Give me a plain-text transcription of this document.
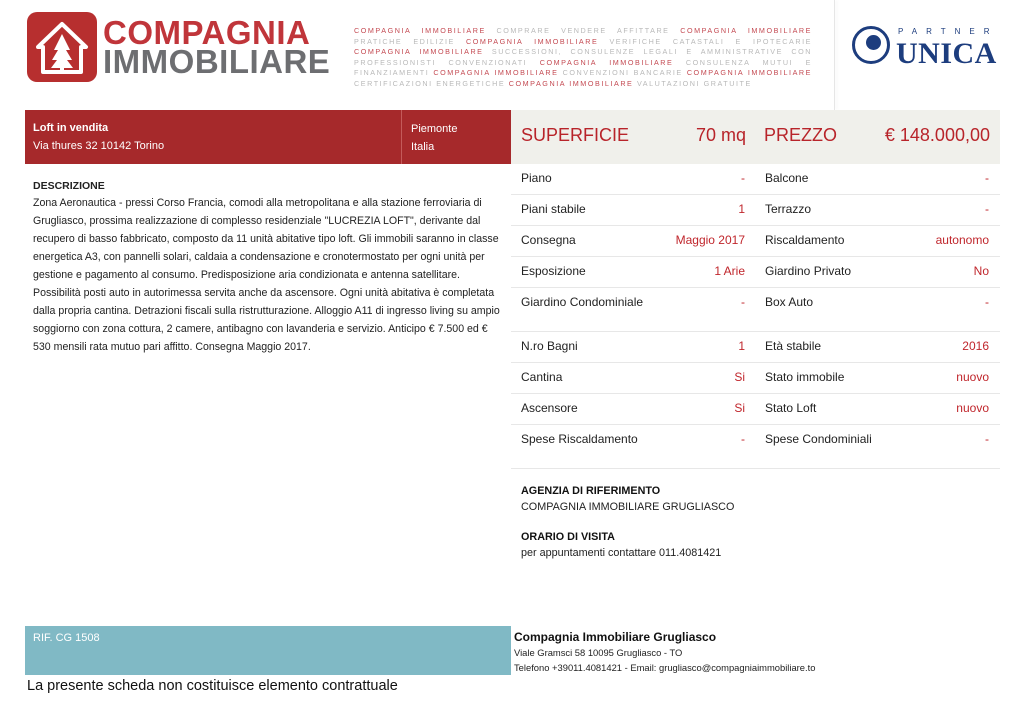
COMPAGNIA
IMMOBILIARE
COMPAGNIA IMMOBILIARE COMPRARE VENDERE AFFITTARE COMPAGNIA IMMOBILIARE PRATICHE EDILIZIE COMPAGNIA IMMOBILIARE VERIFICHE CATASTALI E IPOTECARIE COMPAGNIA IMMOBILIARE SUCCESSIONI, CONSULENZE LEGALI E AMMINISTRATIVE CON PROFESSIONISTI CONVENZIONATI COMPAGNIA IMMOBILIARE CONSULENZA MUTUI E FINANZIAMENTI COMPAGNIA IMMOBILIARE CONVENZIONI BANCARIE COMPAGNIA IMMOBILIARE CERTIFICAZIONI ENERGETICHE COMPAGNIA IMMOBILIARE VALUTAZIONI GRATUITE
PARTNER
UNICA
Loft in vendita
Via thures 32 10142 Torino
Piemonte
Italia
SUPERFICIE	70 mq PREZZO	€ 148.000,00
DESCRIZIONE

Zona Aeronautica - pressi Corso Francia, comodi alla metropolitana e alla stazione ferroviaria di Grugliasco, prossima realizzazione di complesso residenziale "LUCREZIA LOFT", derivante dal recupero di basso fabbricato, composto da 11 unità abitative tipo loft. Gli immobili saranno in classe energetica A3, con pannelli solari, caldaia a condensazione e cronotermostato per ogni unità per gestione e pagamento al consumo. Predisposizione aria condizionata e antenna satellitare. Possibilità posti auto in autorimessa servita anche da ascensore. Ogni unità abitativa è completata dalla propria cantina. Detrazioni fiscali sulla ristrutturazione. Alloggio A11 di ingresso living su ampio soggiorno con zona cottura, 2 camere, antibagno con lavanderia e servizio. Anticipo € 7.500 ed € 530 mensili rata mutuo pari affitto. Consegna Maggio 2017.

Piano	- Balcone	-
Piani stabile	1 Terrazzo	-
Consegna	Maggio 2017 Riscaldamento	autonomo
Esposizione	1 Arie Giardino Privato	No
Giardino Condominiale	- Box Auto	-
N.ro Bagni	1 Età stabile	2016
Cantina	Si Stato immobile	nuovo
Ascensore	Si Stato Loft	nuovo
Spese Riscaldamento	- Spese Condominiali	-
AGENZIA DI RIFERIMENTO
COMPAGNIA IMMOBILIARE GRUGLIASCO
ORARIO DI VISITA
per appuntamenti contattare 011.4081421
RIF. CG 1508	Compagnia Immobiliare Grugliasco
Viale Gramsci 58 10095 Grugliasco - TO
Telefono +39011.4081421 - Email: grugliasco@compagniaimmobiliare.to
La presente scheda non costituisce elemento contrattuale
